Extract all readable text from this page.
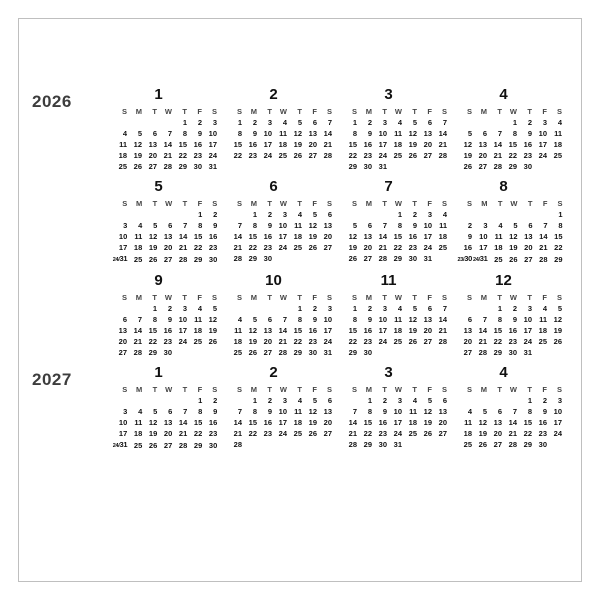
2026	1
S	M	T	W	T	F	S
				1	2	3
4	5	6	7	8	9	10
11	12	13	14	15	16	17
18	19	20	21	22	23	24
25	26	27	28	29	30	31
2
S	M	T	W	T	F	S
1	2	3	4	5	6	7
8	9	10	11	12	13	14
15	16	17	18	19	20	21
22	23	24	25	26	27	28
3
S	M	T	W	T	F	S
1	2	3	4	5	6	7
8	9	10	11	12	13	14
15	16	17	18	19	20	21
22	23	24	25	26	27	28
29	30	31				
4
S	M	T	W	T	F	S
			1	2	3	4
5	6	7	8	9	10	11
12	13	14	15	16	17	18
19	20	21	22	23	24	25
26	27	28	29	30		
5
S	M	T	W	T	F	S
					1	2
3	4	5	6	7	8	9
10	11	12	13	14	15	16
17	18	19	20	21	22	23
24/31	25	26	27	28	29	30
6
S	M	T	W	T	F	S
	1	2	3	4	5	6
7	8	9	10	11	12	13
14	15	16	17	18	19	20
21	22	23	24	25	26	27
28	29	30				
7
S	M	T	W	T	F	S
			1	2	3	4
5	6	7	8	9	10	11
12	13	14	15	16	17	18
19	20	21	22	23	24	25
26	27	28	29	30	31	
8
S	M	T	W	T	F	S
						1
2	3	4	5	6	7	8
9	10	11	12	13	14	15
16	17	18	19	20	21	22
23/30	24/31	25	26	27	28	29
9
S	M	T	W	T	F	S
		1	2	3	4	5
6	7	8	9	10	11	12
13	14	15	16	17	18	19
20	21	22	23	24	25	26
27	28	29	30			
10
S	M	T	W	T	F	S
				1	2	3
4	5	6	7	8	9	10
11	12	13	14	15	16	17
18	19	20	21	22	23	24
25	26	27	28	29	30	31
11
S	M	T	W	T	F	S
1	2	3	4	5	6	7
8	9	10	11	12	13	14
15	16	17	18	19	20	21
22	23	24	25	26	27	28
29	30					
12
S	M	T	W	T	F	S
		1	2	3	4	5
6	7	8	9	10	11	12
13	14	15	16	17	18	19
20	21	22	23	24	25	26
27	28	29	30	31		
2027	1
S	M	T	W	T	F	S
					1	2
3	4	5	6	7	8	9
10	11	12	13	14	15	16
17	18	19	20	21	22	23
24/31	25	26	27	28	29	30
2
S	M	T	W	T	F	S
	1	2	3	4	5	6
7	8	9	10	11	12	13
14	15	16	17	18	19	20
21	22	23	24	25	26	27
28						
3
S	M	T	W	T	F	S
	1	2	3	4	5	6
7	8	9	10	11	12	13
14	15	16	17	18	19	20
21	22	23	24	25	26	27
28	29	30	31			
4
S	M	T	W	T	F	S
				1	2	3
4	5	6	7	8	9	10
11	12	13	14	15	16	17
18	19	20	21	22	23	24
25	26	27	28	29	30	
